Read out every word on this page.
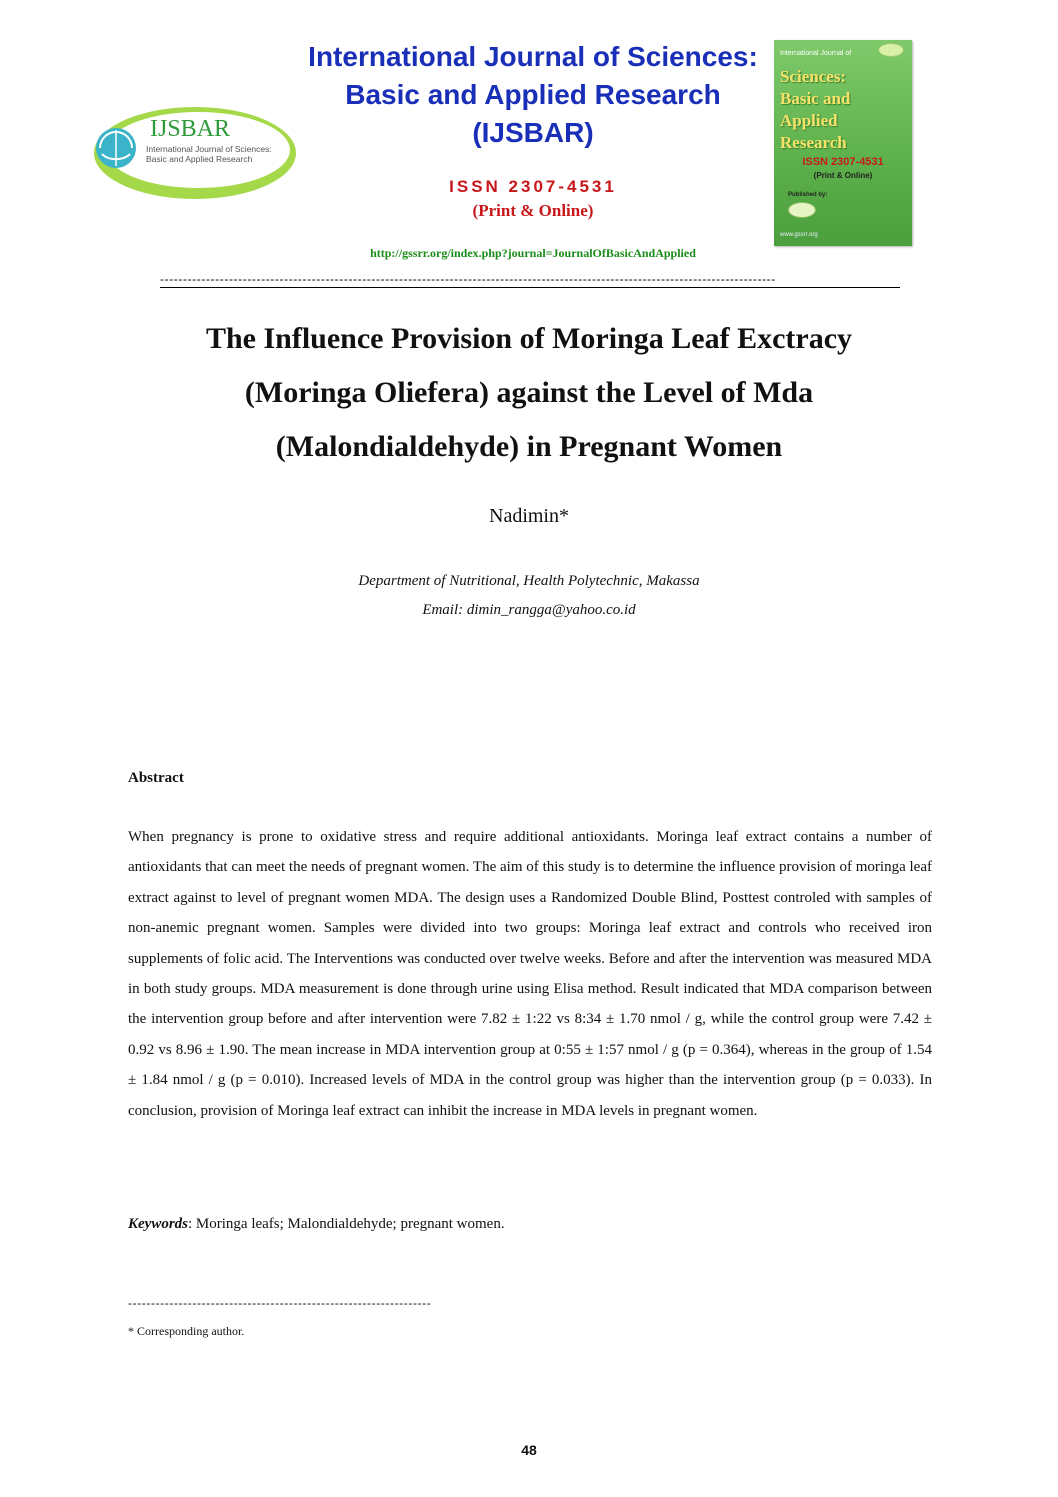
IJSBAR
International Journal of Sciences:
Basic and Applied Research
International Journal of Sciences:
Basic and Applied Research
(IJSBAR)
ISSN 2307-4531
(Print & Online)
http://gssrr.org/index.php?journal=JournalOfBasicAndApplied
International Journal of
Sciences:
Basic and Applied
Research
ISSN 2307-4531
(Print & Online)
Published by:
www.gssrr.org
--------------------------------------------------------------------------------------------------------------------------------------
The Influence Provision of Moringa Leaf Exctracy
(Moringa Oliefera) against the Level of Mda
(Malondialdehyde) in Pregnant Women
Nadimin*
Department of Nutritional, Health Polytechnic, Makassa
Email: dimin_rangga@yahoo.co.id
Abstract
When pregnancy is prone to oxidative stress and require additional antioxidants. Moringa leaf extract contains a number of antioxidants that can meet the needs of pregnant women. The aim of this study is to determine the influence provision of moringa leaf extract against to level of pregnant women MDA. The design uses a Randomized Double Blind, Posttest controled with samples of non-anemic pregnant women. Samples were divided into two groups: Moringa leaf extract and controls who received iron supplements of folic acid. The Interventions was conducted over twelve weeks. Before and after the intervention was measured MDA in both study groups. MDA measurement is done through urine using Elisa method. Result indicated that MDA comparison between the intervention group before and after intervention were 7.82 ± 1:22 vs 8:34 ± 1.70 nmol / g, while the control group were 7.42 ± 0.92 vs 8.96 ± 1.90. The mean increase in MDA intervention group at 0:55 ± 1:57 nmol / g (p = 0.364), whereas in the group of 1.54 ± 1.84 nmol / g (p = 0.010). Increased levels of MDA in the control group was higher than the intervention group (p = 0.033). In conclusion, provision of Moringa leaf extract can inhibit the increase in MDA levels in pregnant women.
Keywords: Moringa leafs; Malondialdehyde; pregnant women.
------------------------------------------------------------------
* Corresponding author.
48
